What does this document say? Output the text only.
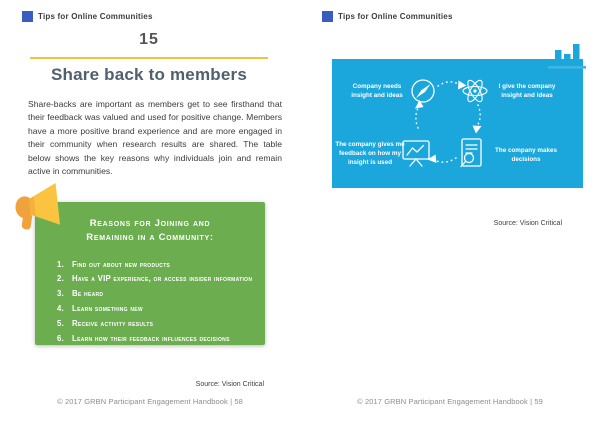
Tips for Online Communities
15
Share back to members
Share-backs are important as members get to see firsthand that their feedback was valued and used for positive change. Members have a more positive brand experience and are more engaged in their community when research results are shared. The table below shows the key reasons why individuals join and remain active in communities.
Reasons for Joining and
Remaining in a Community:
1.	Find out about new products
2.	Have a VIP experience, or access insider information
3.	Be heard
4.	Learn something new
5.	Receive activity results
6.	Learn how their feedback influences decisions
Source: Vision Critical
© 2017 GRBN Participant Engagement Handbook | 58
Tips for Online Communities
Company needs insight and ideas
I give the company insight and ideas
The company gives me feedback on how my insight is used
The company makes decisions
Source: Vision Critical
© 2017 GRBN Participant Engagement Handbook | 59
